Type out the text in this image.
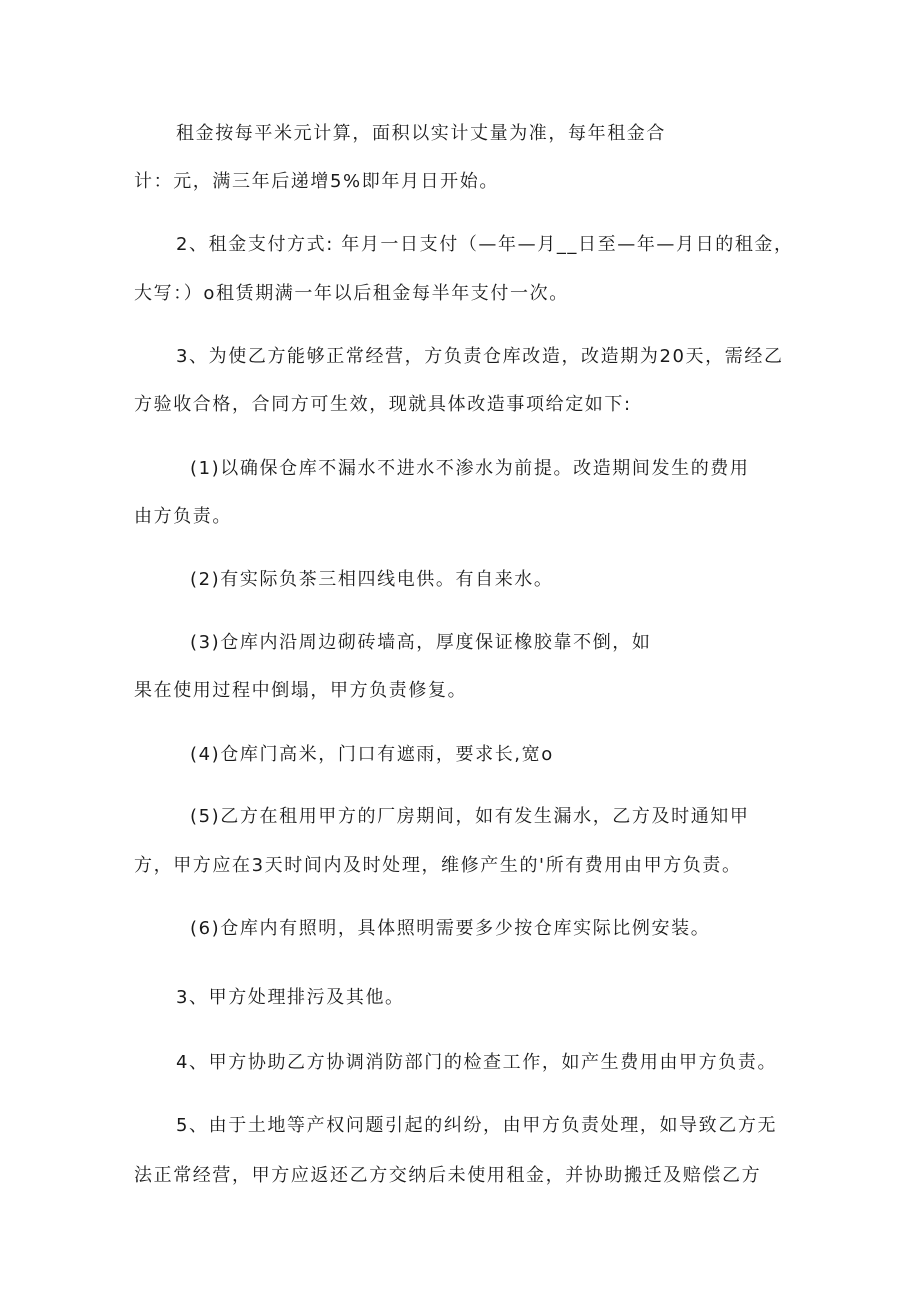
租金按每平米元计算，面积以实计丈量为准，每年租金合
计：元，满三年后递增5%即年月日开始。
2、租金支付方式: 年月一日支付（—年—月__日至—年—月日的租金，
大写：）o租赁期满一年以后租金每半年支付一次。
3、为使乙方能够正常经营，方负责仓库改造，改造期为20天，需经乙
方验收合格，合同方可生效，现就具体改造事项给定如下:
(1)以确保仓库不漏水不进水不渗水为前提。改造期间发生的费用
由方负责。
(2)有实际负茶三相四线电供。有自来水。
(3)仓库内沿周边砌砖墙高，厚度保证橡胶靠不倒，如
果在使用过程中倒塌，甲方负责修复。
(4)仓库门高米，门口有遮雨，要求长,宽o
(5)乙方在租用甲方的厂房期间，如有发生漏水，乙方及时通知甲
方，甲方应在3天时间内及时处理，维修产生的'所有费用由甲方负责。
(6)仓库内有照明，具体照明需要多少按仓库实际比例安装。
3、甲方处理排污及其他。
4、甲方协助乙方协调消防部门的检查工作，如产生费用由甲方负责。
5、由于土地等产权问题引起的纠纷，由甲方负责处理，如导致乙方无
法正常经营，甲方应返还乙方交纳后未使用租金，并协助搬迁及赔偿乙方
